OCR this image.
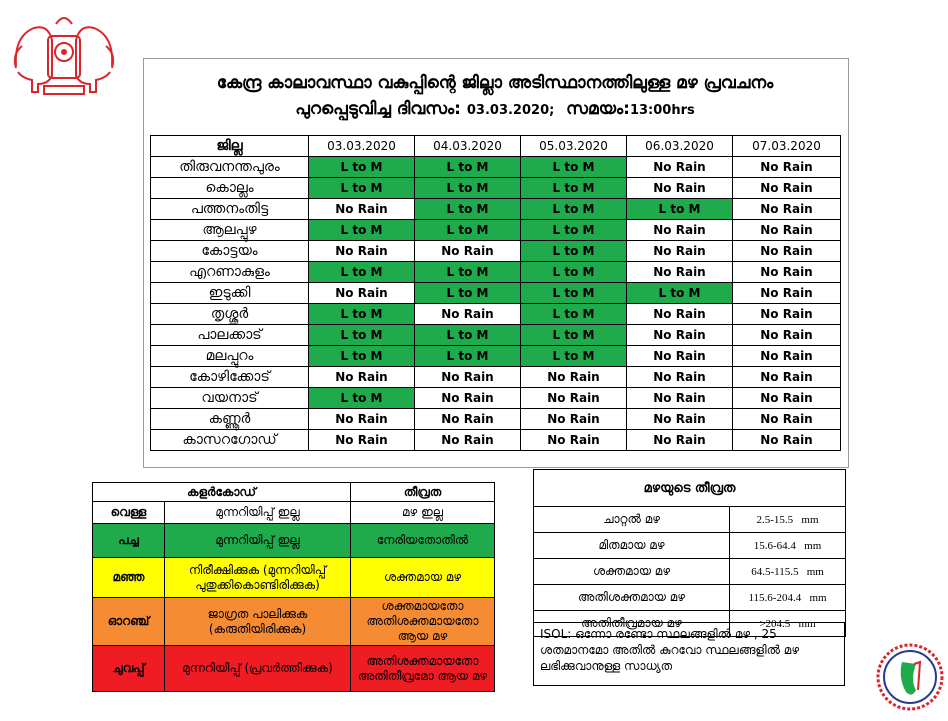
കേന്ദ്ര കാലാവസ്ഥാ വകുപ്പിന്റെ ജില്ലാ അടിസ്ഥാനത്തിലുള്ള മഴ പ്രവചനം
പുറപ്പെടുവിച്ച ദിവസം: 03.03.2020; സമയം:13:00hrs
ജില്ല	03.03.2020	04.03.2020	05.03.2020	06.03.2020	07.03.2020
തിരുവനന്തപുരം	L to M	L to M	L to M	No Rain	No Rain
കൊല്ലം	L to M	L to M	L to M	No Rain	No Rain
പത്തനംതിട്ട	No Rain	L to M	L to M	L to M	No Rain
ആലപ്പുഴ	L to M	L to M	L to M	No Rain	No Rain
കോട്ടയം	No Rain	No Rain	L to M	No Rain	No Rain
എറണാകുളം	L to M	L to M	L to M	No Rain	No Rain
ഇടുക്കി	No Rain	L to M	L to M	L to M	No Rain
തൃശ്ശൂർ	L to M	No Rain	L to M	No Rain	No Rain
പാലക്കാട്	L to M	L to M	L to M	No Rain	No Rain
മലപ്പുറം	L to M	L to M	L to M	No Rain	No Rain
കോഴിക്കോട്	No Rain	No Rain	No Rain	No Rain	No Rain
വയനാട്	L to M	No Rain	No Rain	No Rain	No Rain
കണ്ണൂർ	No Rain	No Rain	No Rain	No Rain	No Rain
കാസറഗോഡ്	No Rain	No Rain	No Rain	No Rain	No Rain
കളർകോഡ്		തീവ്രത
വെള്ള	മുന്നറിയിപ്പ് ഇല്ല	മഴ ഇല്ല
പച്ച	മുന്നറിയിപ്പ് ഇല്ല	നേരിയതോതിൽ
മഞ്ഞ	നിരീക്ഷിക്കുക (മുന്നറിയിപ്പ് പുതുക്കികൊണ്ടിരിക്കുക)	ശക്തമായ മഴ
ഓറഞ്ച്	ജാഗ്രത പാലിക്കുക (കരുതിയിരിക്കുക)	ശക്തമായതോ അതിശക്തമായതോ ആയ മഴ
ചുവപ്പ്	മുന്നറിയിപ്പ് (പ്രവർത്തിക്കുക)	അതിശക്തമായതോ അതിതീവ്രമോ ആയ മഴ
മഴയുടെ തീവ്രത	
ചാറ്റൽ മഴ	2.5-15.5   mm
മിതമായ മഴ	15.6-64.4   mm
ശക്തമായ മഴ	64.5-115.5   mm
അതിശക്തമായ മഴ	115.6-204.4   mm
അതിതീവ്രമായ മഴ	>204.5   mm
ISOL: ഒന്നോ രണ്ടോ സ്ഥലങ്ങളിൽ മഴ , 25 ശതമാനമോ അതിൽ കുറവോ സ്ഥലങ്ങളിൽ മഴ ലഭിക്കുവാനുള്ള സാധ്യത
